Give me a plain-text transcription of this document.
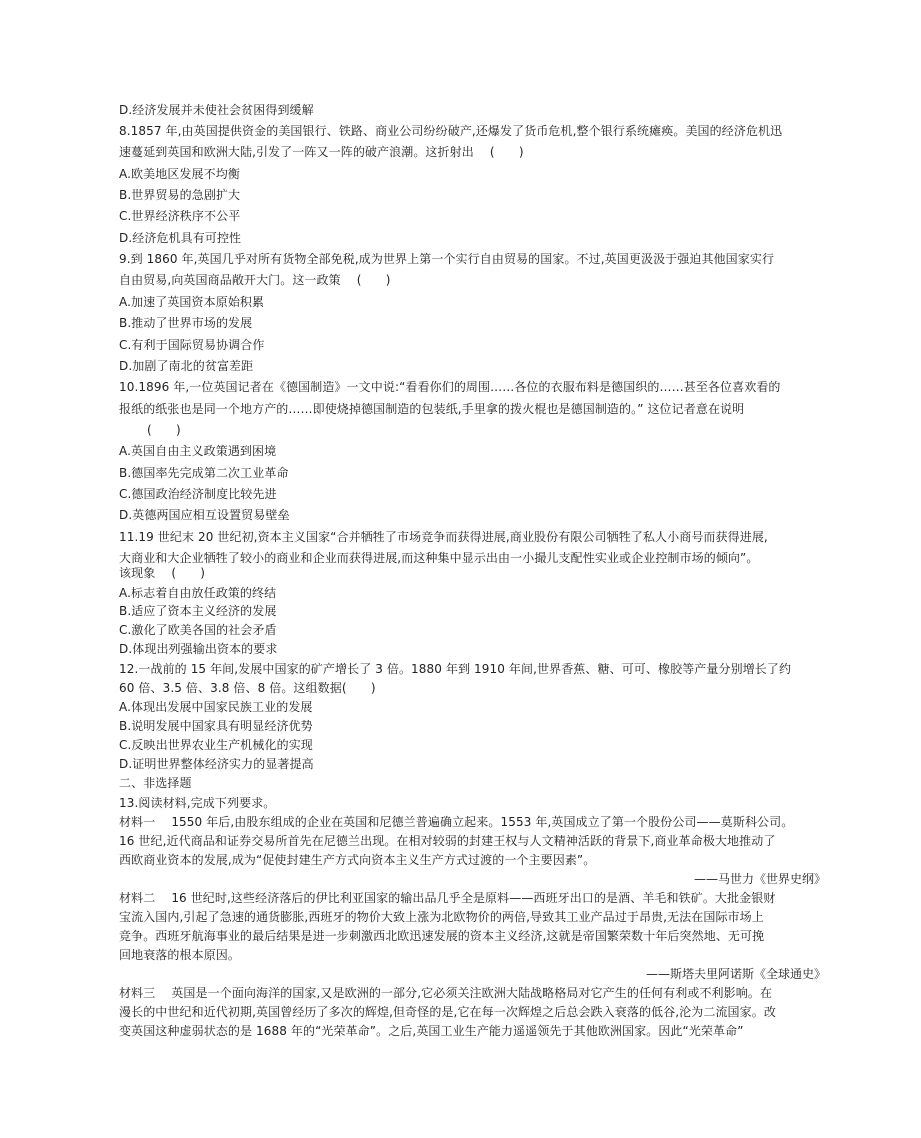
D.经济发展并未使社会贫困得到缓解
8.1857 年,由英国提供资金的美国银行、铁路、商业公司纷纷破产,还爆发了货币危机,整个银行系统瘫痪。美国的经济危机迅
速蔓延到英国和欧洲大陆,引发了一阵又一阵的破产浪潮。这折射出　 (　　)
A.欧美地区发展不均衡
B.世界贸易的急剧扩大
C.世界经济秩序不公平
D.经济危机具有可控性
9.到 1860 年,英国几乎对所有货物全部免税,成为世界上第一个实行自由贸易的国家。不过,英国更汲汲于强迫其他国家实行
自由贸易,向英国商品敞开大门。这一政策　 (　　)
A.加速了英国资本原始积累
B.推动了世界市场的发展
C.有利于国际贸易协调合作
D.加剧了南北的贫富差距
10.1896 年,一位英国记者在《德国制造》一文中说:“看看你们的周围……各位的衣服布料是德国织的……甚至各位喜欢看的
报纸的纸张也是同一个地方产的……即使烧掉德国制造的包装纸,手里拿的拨火棍也是德国制造的。” 这位记者意在说明
(　　)
A.英国自由主义政策遇到困境
B.德国率先完成第二次工业革命
C.德国政治经济制度比较先进
D.英德两国应相互设置贸易壁垒
11.19 世纪末 20 世纪初,资本主义国家“合并牺牲了市场竞争而获得进展,商业股份有限公司牺牲了私人小商号而获得进展,
大商业和大企业牺牲了较小的商业和企业而获得进展,而这种集中显示出由一小撮儿支配性实业或企业控制市场的倾向”。
该现象　 (　　)
A.标志着自由放任政策的终结
B.适应了资本主义经济的发展
C.激化了欧美各国的社会矛盾
D.体现出列强输出资本的要求
12.一战前的 15 年间,发展中国家的矿产增长了 3 倍。1880 年到 1910 年间,世界香蕉、糖、可可、橡胶等产量分别增长了约
60 倍、3.5 倍、3.8 倍、8 倍。这组数据(　　)
A.体现出发展中国家民族工业的发展
B.说明发展中国家具有明显经济优势
C.反映出世界农业生产机械化的实现
D.证明世界整体经济实力的显著提高
二、非选择题
13.阅读材料,完成下列要求。
材料一　 1550 年后,由股东组成的企业在英国和尼德兰普遍确立起来。1553 年,英国成立了第一个股份公司——莫斯科公司。
16 世纪,近代商品和证券交易所首先在尼德兰出现。在相对较弱的封建王权与人文精神活跃的背景下,商业革命极大地推动了
西欧商业资本的发展,成为“促使封建生产方式向资本主义生产方式过渡的一个主要因素”。
——马世力《世界史纲》
材料二　 16 世纪时,这些经济落后的伊比利亚国家的输出品几乎全是原料——西班牙出口的是酒、羊毛和铁矿。大批金银财
宝流入国内,引起了急速的通货膨胀,西班牙的物价大致上涨为北欧物价的两倍,导致其工业产品过于昂贵,无法在国际市场上
竞争。西班牙航海事业的最后结果是进一步刺激西北欧迅速发展的资本主义经济,这就是帝国繁荣数十年后突然地、无可挽
回地衰落的根本原因。
——斯塔夫里阿诺斯《全球通史》
材料三　 英国是一个面向海洋的国家,又是欧洲的一部分,它必须关注欧洲大陆战略格局对它产生的任何有利或不利影响。在
漫长的中世纪和近代初期,英国曾经历了多次的辉煌,但奇怪的是,它在每一次辉煌之后总会跌入衰落的低谷,沦为二流国家。改
变英国这种虚弱状态的是 1688 年的“光荣革命”。之后,英国工业生产能力遥遥领先于其他欧洲国家。因此“光荣革命”
